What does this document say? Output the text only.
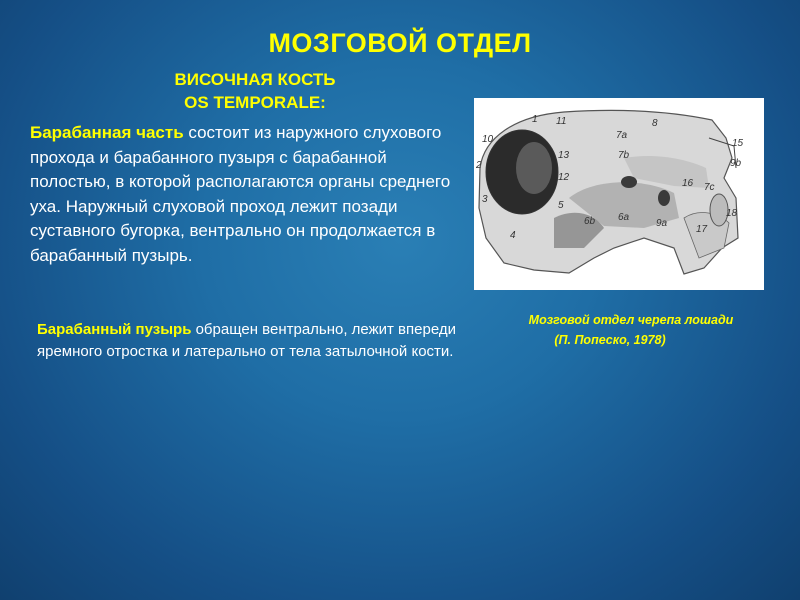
МОЗГОВОЙ ОТДЕЛ
ВИСОЧНАЯ КОСТЬ
OS TEMPORALE:
Барабанная часть состоит из наружного слухового прохода и барабанного пузыря с барабанной полостью, в которой располагаются органы среднего уха. Наружный слуховой проход лежит позади суставного бугорка, вентрально он продолжается в барабанный пузырь.
Барабанный пузырь обращен вентрально, лежит впереди яремного отростка и латерально от тела затылочной кости.
1 11
10
2
3
4
13
12
5
6b 6a
7a
7b
8
15
9b
16 7c
9a
17
18
Мозговой отдел черепа лошади
(П. Попеско, 1978)
